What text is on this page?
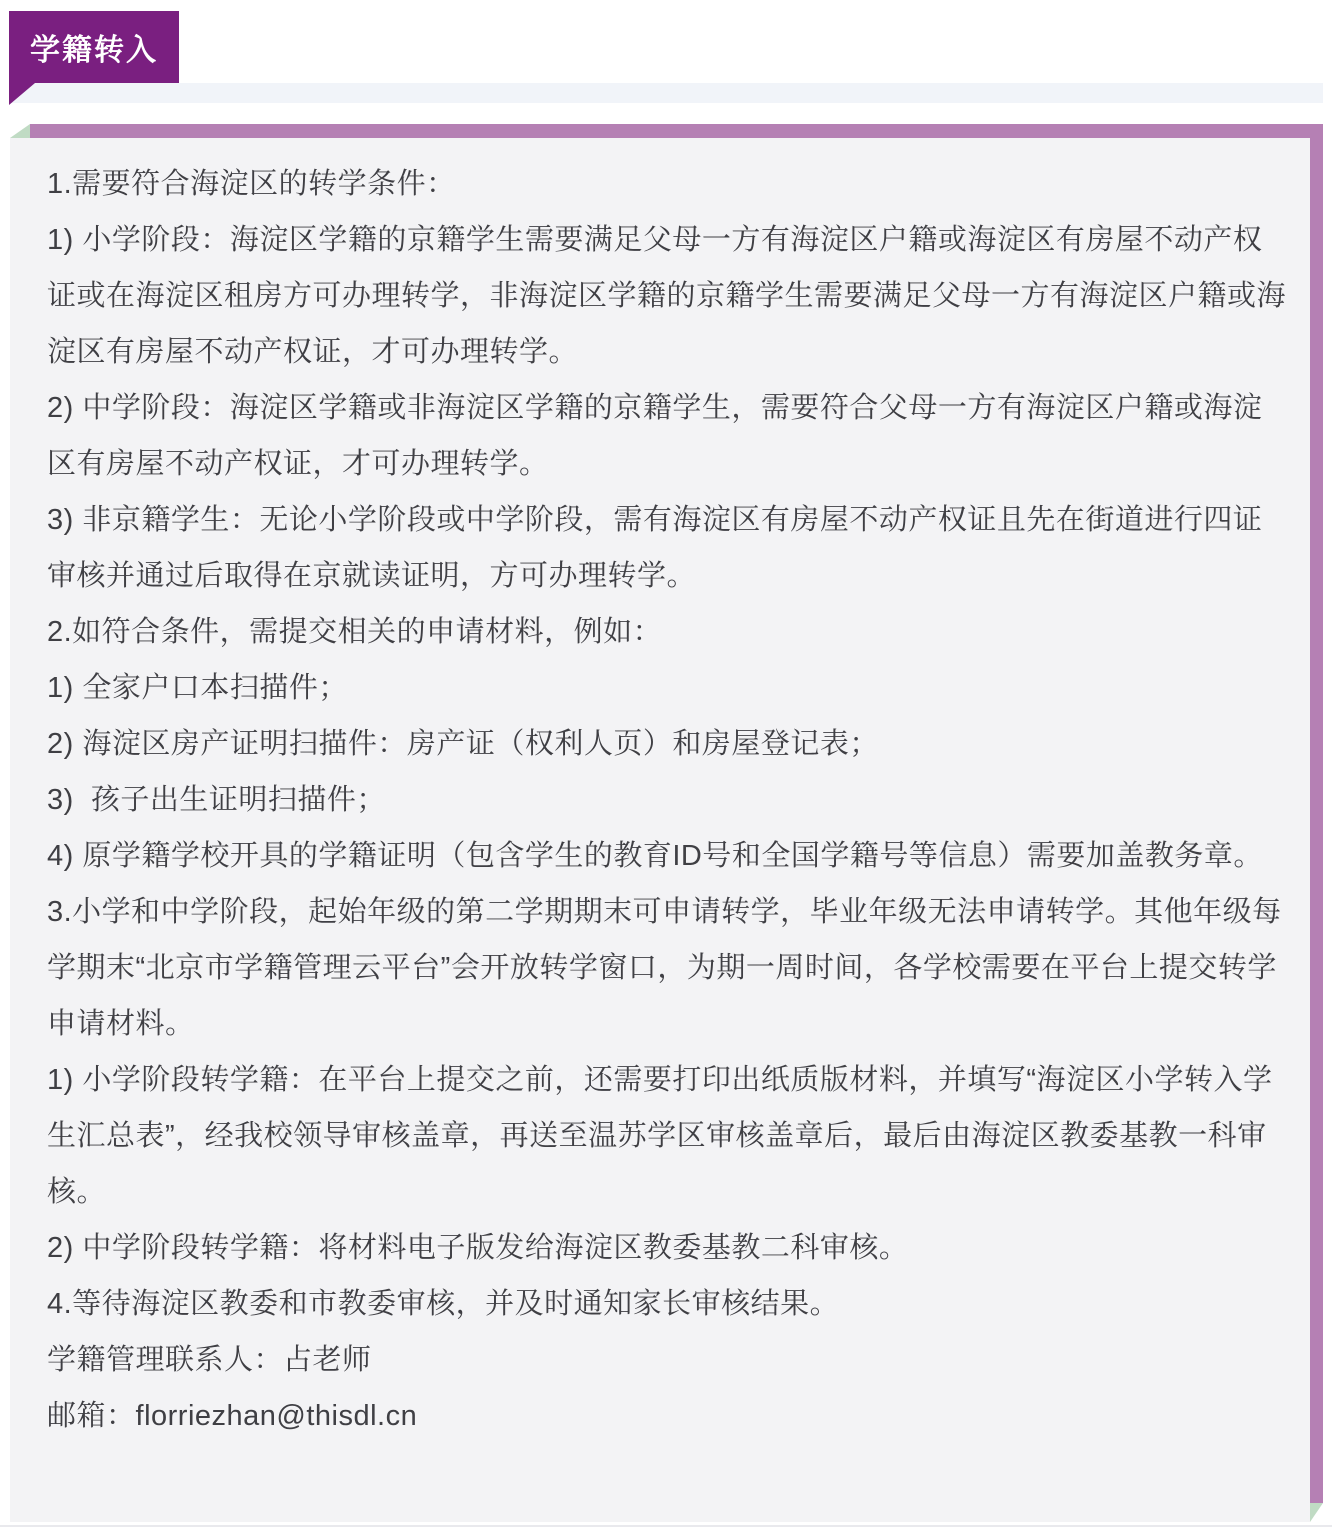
学籍转入

1.需要符合海淀区的转学条件：

1) 小学阶段：海淀区学籍的京籍学生需要满足父母一方有海淀区户籍或海淀区有房屋不动产权证或在海淀区租房方可办理转学，非海淀区学籍的京籍学生需要满足父母一方有海淀区户籍或海淀区有房屋不动产权证，才可办理转学。

2) 中学阶段：海淀区学籍或非海淀区学籍的京籍学生，需要符合父母一方有海淀区户籍或海淀区有房屋不动产权证，才可办理转学。

3) 非京籍学生：无论小学阶段或中学阶段，需有海淀区有房屋不动产权证且先在街道进行四证审核并通过后取得在京就读证明，方可办理转学。

2.如符合条件，需提交相关的申请材料，例如：

1) 全家户口本扫描件；

2) 海淀区房产证明扫描件：房产证（权利人页）和房屋登记表；

3)  孩子出生证明扫描件；

4) 原学籍学校开具的学籍证明（包含学生的教育ID号和全国学籍号等信息）需要加盖教务章。

3.小学和中学阶段，起始年级的第二学期期末可申请转学，毕业年级无法申请转学。其他年级每学期末“北京市学籍管理云平台”会开放转学窗口，为期一周时间，各学校需要在平台上提交转学申请材料。

1) 小学阶段转学籍：在平台上提交之前，还需要打印出纸质版材料，并填写“海淀区小学转入学生汇总表”，经我校领导审核盖章，再送至温苏学区审核盖章后，最后由海淀区教委基教一科审核。

2) 中学阶段转学籍：将材料电子版发给海淀区教委基教二科审核。

4.等待海淀区教委和市教委审核，并及时通知家长审核结果。

学籍管理联系人：占老师

邮箱：florriezhan@thisdl.cn
